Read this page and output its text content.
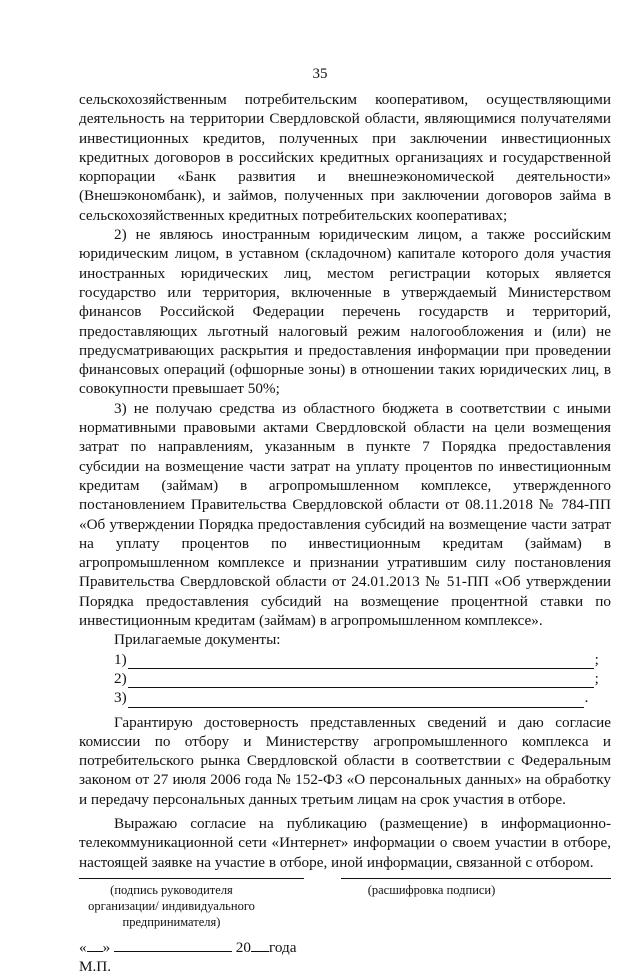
35

сельскохозяйственным потребительским кооперативом, осуществляющими деятельность на территории Свердловской области, являющимися получателями инвестиционных кредитов, полученных при заключении инвестиционных кредитных договоров в российских кредитных организациях и государственной корпорации «Банк развития и внешнеэкономической деятельности» (Внешэкономбанк), и займов, полученных при заключении договоров займа в сельскохозяйственных кредитных потребительских кооперативах;

2) не являюсь иностранным юридическим лицом, а также российским юридическим лицом, в уставном (складочном) капитале которого доля участия иностранных юридических лиц, местом регистрации которых является государство или территория, включенные в утверждаемый Министерством финансов Российской Федерации перечень государств и территорий, предоставляющих льготный налоговый режим налогообложения и (или) не предусматривающих раскрытия и предоставления информации при проведении финансовых операций (офшорные зоны) в отношении таких юридических лиц, в совокупности превышает 50%;

3) не получаю средства из областного бюджета в соответствии с иными нормативными правовыми актами Свердловской области на цели возмещения затрат по направлениям, указанным в пункте 7 Порядка предоставления субсидии на возмещение части затрат на уплату процентов по инвестиционным кредитам (займам) в агропромышленном комплексе, утвержденного постановлением Правительства Свердловской области от 08.11.2018 № 784-ПП «Об утверждении Порядка предоставления субсидий на возмещение части затрат на уплату процентов по инвестиционным кредитам (займам) в агропромышленном комплексе и признании утратившим силу постановления Правительства Свердловской области от 24.01.2013 № 51-ПП «Об утверждении Порядка предоставления субсидий на возмещение процентной ставки по инвестиционным кредитам (займам) в агропромышленном комплексе».

Прилагаемые документы:

1)	;
2)	;
3)	.

Гарантирую достоверность представленных сведений и даю согласие комиссии по отбору и Министерству агропромышленного комплекса и потребительского рынка Свердловской области в соответствии с Федеральным законом от 27 июля 2006 года № 152-ФЗ «О персональных данных» на обработку и передачу персональных данных третьим лицам на срок участия в отборе.

Выражаю согласие на публикацию (размещение) в информационно-телекоммуникационной сети «Интернет» информации о своем участии в отборе, настоящей заявке на участие в отборе, иной информации, связанной с отбором.

(подпись руководителя организации/ индивидуального предпринимателя)
(расшифровка подписи)
« »	20 года
М.П.
